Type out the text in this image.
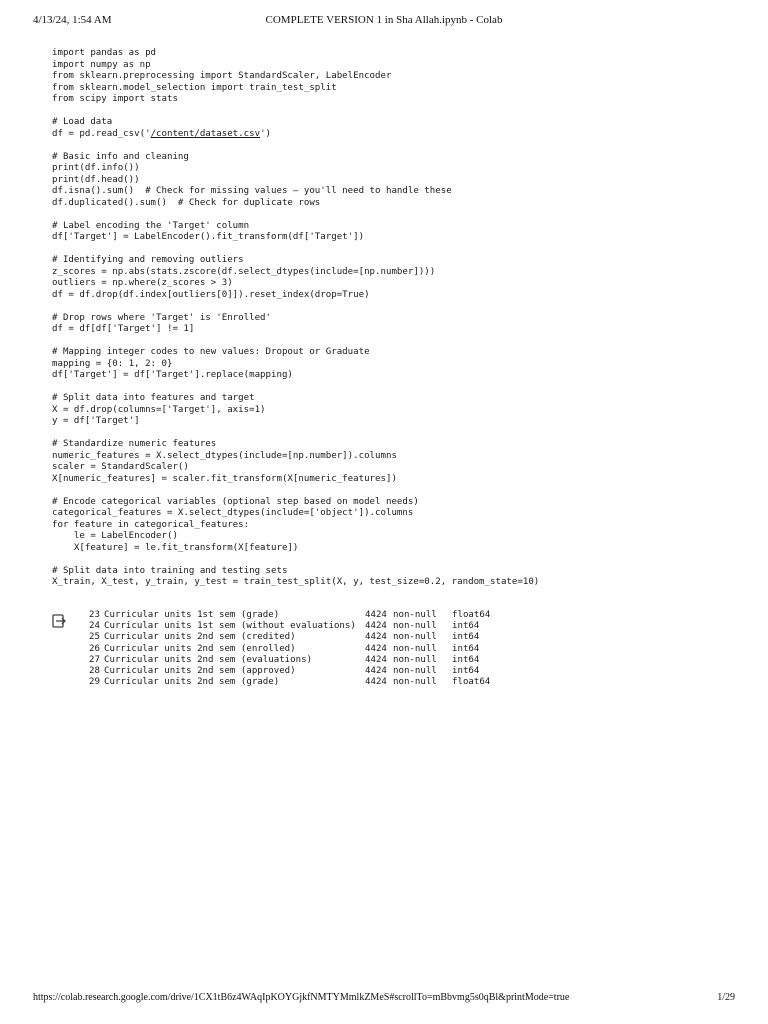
4/13/24, 1:54 AM	COMPLETE VERSION 1 in Sha Allah.ipynb - Colab
import pandas as pd
import numpy as np
from sklearn.preprocessing import StandardScaler, LabelEncoder
from sklearn.model_selection import train_test_split
from scipy import stats
# Load data
df = pd.read_csv('/content/dataset.csv')
# Basic info and cleaning
print(df.info())
print(df.head())
df.isna().sum()  # Check for missing values — you'll need to handle these
df.duplicated().sum()  # Check for duplicate rows
# Label encoding the 'Target' column
df['Target'] = LabelEncoder().fit_transform(df['Target'])
# Identifying and removing outliers
z_scores = np.abs(stats.zscore(df.select_dtypes(include=[np.number])))
outliers = np.where(z_scores > 3)
df = df.drop(df.index[outliers[0]]).reset_index(drop=True)
# Drop rows where 'Target' is 'Enrolled'
df = df[df['Target'] != 1]
# Mapping integer codes to new values: Dropout or Graduate
mapping = {0: 1, 2: 0}
df['Target'] = df['Target'].replace(mapping)
# Split data into features and target
X = df.drop(columns=['Target'], axis=1)
y = df['Target']
# Standardize numeric features
numeric_features = X.select_dtypes(include=[np.number]).columns
scaler = StandardScaler()
X[numeric_features] = scaler.fit_transform(X[numeric_features])
# Encode categorical variables (optional step based on model needs)
categorical_features = X.select_dtypes(include=['object']).columns
for feature in categorical_features:
le = LabelEncoder()
X[feature] = le.fit_transform(X[feature])
# Split data into training and testing sets
X_train, X_test, y_train, y_test = train_test_split(X, y, test_size=0.2, random_state=10)
23 Curricular units 1st sem (grade)	4424 non-null float64
24 Curricular units 1st sem (without evaluations) 4424 non-null int64
25 Curricular units 2nd sem (credited)	4424 non-null int64
26 Curricular units 2nd sem (enrolled)	4424 non-null int64
27 Curricular units 2nd sem (evaluations)	4424 non-null int64
28 Curricular units 2nd sem (approved)	4424 non-null int64
29 Curricular units 2nd sem (grade)	4424 non-null float64
https://colab.research.google.com/drive/1CX1tB6z4WAqIpKOYGjkfNMTYMmlkZMeS#scrollTo=mBbvmg5s0qBl&printMode=true	1/29
